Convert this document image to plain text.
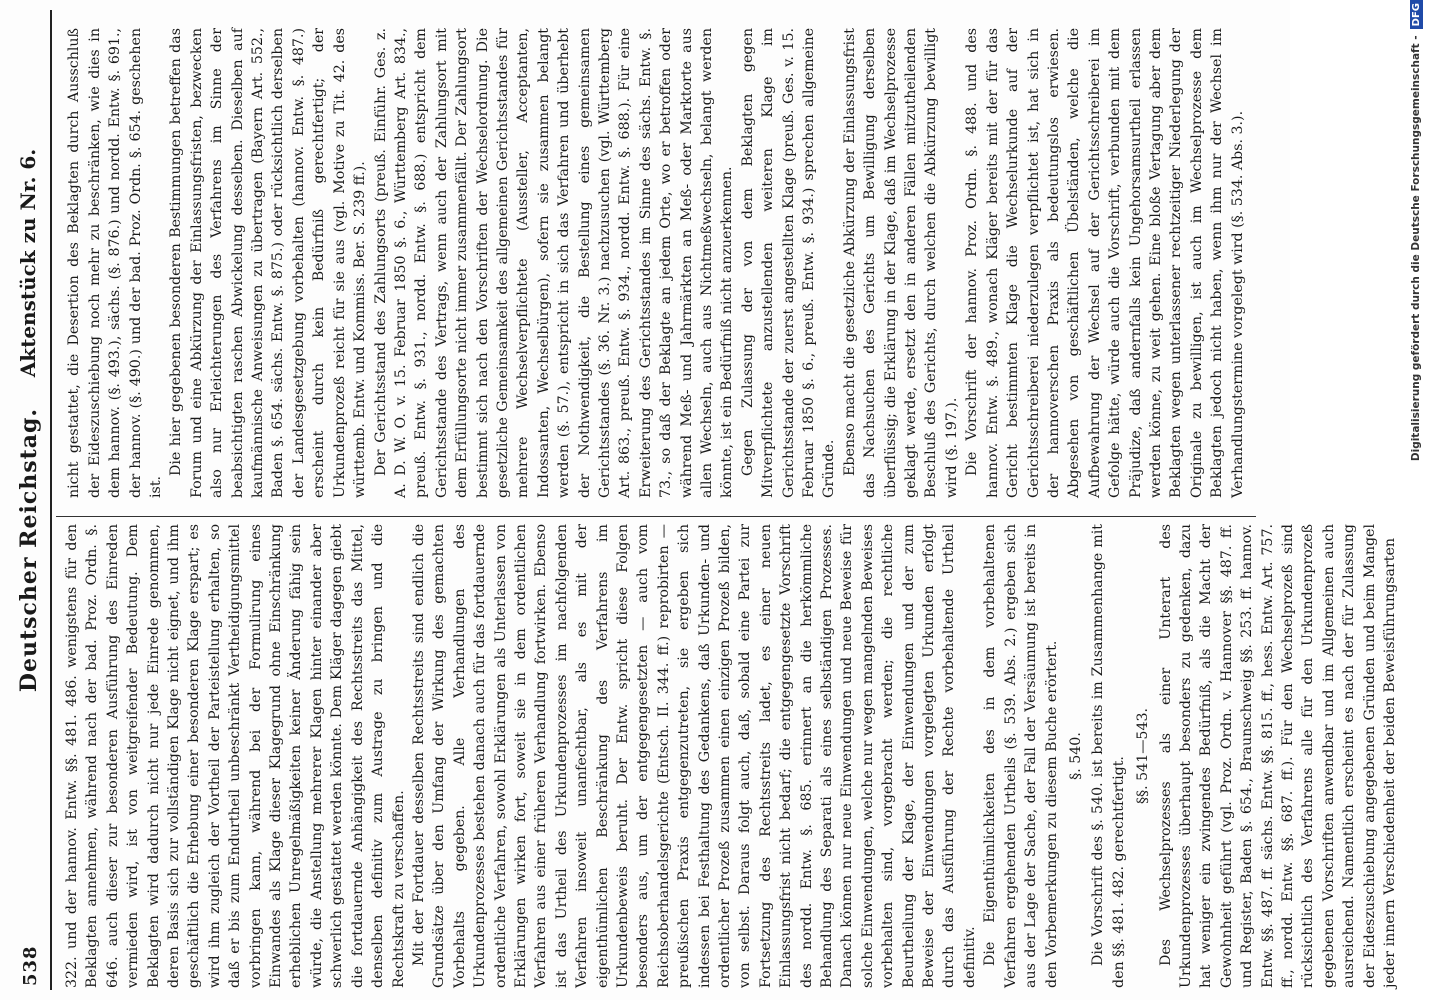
538
Deutscher Reichstag. 322. und der hannov. Entw. §§. 481. 486. wenigstens für den Beklagten annehmen, während nach der bad. Proz. Ordn. §. 646. auch dieser zur besonderen Ausführung des Einreden vermieden wird, ist von weitgreifender Bedeutung. Dem Beklagten wird dadurch nicht nur jede Einrede genommen, deren Basis sich zur vollständigen Klage nicht eignet, und ihm geschäftlich die Erhebung einer besonderen Klage erspart; es wird ihm zugleich der Vortheil der Parteistellung erhalten, so daß er bis zum Endurtheil unbeschränkt Vertheidigungsmittel vorbringen kann, während bei der Formulirung eines Einwandes als Klage dieser Klagegrund ohne Einschränkung erheblichen Unregelmäßigkeiten keiner Änderung fähig sein würde, die Anstellung mehrerer Klagen hinter einander aber schwerlich gestattet werden könnte. Dem Kläger dagegen giebt die fortdauernde Anhängigkeit des Rechtsstreits das Mittel, denselben definitiv zum Austrage zu bringen und die Rechtskraft zu verschaffen. Mit der Fortdauer desselben Rechtsstreits sind endlich die Grundsätze über den Umfang der Wirkung des gemachten Vorbehalts gegeben. Alle Verhandlungen des Urkundenprozesses bestehen danach auch für das fortdauernde ordentliche Verfahren, sowohl Erklärungen als Unterlassen von Erklärungen wirken fort, soweit sie in dem ordentlichen Verfahren aus einer früheren Verhandlung fortwirken. Ebenso ist das Urtheil des Urkundenprozesses im nachfolgenden Verfahren insoweit unanfechtbar, als es mit der eigenthümlichen Beschränkung des Verfahrens im Urkundenbeweis beruht. Der Entw. spricht diese Folgen besonders aus, um der entgegengesetzten — auch vom Reichsoberhandelsgerichte (Entsch. II. 344. ff.) reprobirten — preußischen Praxis entgegenzutreten, sie ergeben sich indessen bei Festhaltung des Gedankens, daß Urkunden- und ordentlicher Prozeß zusammen einen einzigen Prozeß bilden, von selbst. Daraus folgt auch, daß, sobald eine Partei zur Fortsetzung des Rechtsstreits ladet, es einer neuen Einlassungsfrist nicht bedarf; die entgegengesetzte Vorschrift des nordd. Entw. §. 685. erinnert an die herkömmliche Behandlung des Separati als eines selbständigen Prozesses. Danach können nur neue Einwendungen und neue Beweise für solche Einwendungen, welche nur wegen mangelnden Beweises vorbehalten sind, vorgebracht werden; die rechtliche Beurtheilung der Klage, der Einwendungen und der zum Beweise der Einwendungen vorgelegten Urkunden erfolgt durch das Ausführung der Rechte vorbehaltende Urtheil definitiv. Die Eigenthümlichkeiten des in dem vorbehaltenen Verfahren ergehenden Urtheils (§. 539. Abs. 2.) ergeben sich aus der Lage der Sache, der Fall der Versäumung ist bereits in den Vorbemerkungen zu diesem Buche erörtert. §. 540. Die Vorschrift des §. 540. ist bereits im Zusammenhange mit den §§. 481. 482. gerechtfertigt.

§§. 541—543. Des Wechselprozesses als einer Unterart des Urkundenprozesses überhaupt besonders zu gedenken, dazu hat weniger ein zwingendes Bedürfniß, als die Macht der Gewohnheit geführt (vgl. Proz. Ordn. v. Hannover §§. 487. ff. und Register, Baden §. 654., Braunschweig §§. 253. ff. hannov. Entw. §§. 487. ff. sächs. Entw. §§. 815. ff., hess. Entw. Art. 757. ff., nordd. Entw. §§. 687. ff.). Für den Wechselprozeß sind rücksichtlich des Verfahrens alle für den Urkundenprozeß gegebenen Vorschriften anwendbar und im Allgemeinen auch ausreichend. Namentlich erscheint es nach der für Zulassung der Eideszuschiebung angegebenen Gründen und beim Mangel jeder innern Verschiedenheit der beiden Beweisführungsarten

Aktenstück zu Nr. 6. nicht gestattet, die Desertion des Beklagten durch Ausschluß der Eideszuschiebung noch mehr zu beschränken, wie dies in dem hannov. (§. 493.), sächs. (§. 876.) und nordd. Entw. §. 691., der hannov. (§. 490.) und der bad. Proz. Ordn. §. 654. geschehen ist.

Die hier gegebenen besonderen Bestimmungen betreffen das Forum und eine Abkürzung der Einlassungsfristen, bezwecken also nur Erleichterungen des Verfahrens im Sinne der beabsichtigten raschen Abwickelung desselben. Dieselben auf kaufmännische Anweisungen zu übertragen (Bayern Art. 552., Baden §. 654. sächs. Entw. §. 875.) oder rücksichtlich derselben der Landesgesetzgebung vorbehalten (hannov. Entw. §. 487.) erscheint durch kein Bedürfniß gerechtfertigt; der Urkundenprozeß reicht für sie aus (vgl. Motive zu Tit. 42. des württemb. Entw. und Kommiss. Ber. S. 239 ff.). Der Gerichtsstand des Zahlungsorts (preuß. Einführ. Ges. z. A. D. W. O. v. 15. Februar 1850 §. 6., Württemberg Art. 834., preuß. Entw. §. 931., nordd. Entw. §. 688.) entspricht dem Gerichtsstande des Vertrags, wenn auch der Zahlungsort mit dem Erfüllungsorte nicht immer zusammenfällt. Der Zahlungsort bestimmt sich nach den Vorschriften der Wechselordnung. Die gesetzliche Gemeinsamkeit des allgemeinen Gerichtsstandes für mehrere Wechselverpflichtete (Aussteller, Acceptanten, Indossanten, Wechselbürgen), sofern sie zusammen belangt werden (§. 57.), entspricht in sich das Verfahren und überhebt der Nothwendigkeit, die Bestellung eines gemeinsamen Gerichtsstandes (§. 36. Nr. 3.) nachzusuchen (vgl. Württemberg Art. 863., preuß. Entw. §. 934., nordd. Entw. §. 688.). Für eine Erweiterung des Gerichtsstandes im Sinne des sächs. Entw. §. 73., so daß der Beklagte an jedem Orte, wo er betroffen oder während Meß- und Jahrmärkten an Meß- oder Marktorte aus allen Wechseln, auch aus Nichtmeßwechseln, belangt werden könnte, ist ein Bedürfniß nicht anzuerkennen. Gegen Zulassung der von dem Beklagten gegen Mitverpflichtete anzustellenden weiteren Klage im Gerichtsstande der zuerst angestellten Klage (preuß. Ges. v. 15. Februar 1850 §. 6., preuß. Entw. §. 934.) sprechen allgemeine Gründe. Ebenso macht die gesetzliche Abkürzung der Einlassungsfrist das Nachsuchen des Gerichts um Bewilligung derselben überflüssig; die Erklärung in der Klage, daß im Wechselprozesse geklagt werde, ersetzt den in anderen Fällen mitzutheilenden Beschluß des Gerichts, durch welchen die Abkürzung bewilligt wird (§. 197.). Die Vorschrift der hannov. Proz. Ordn. §. 488. und des hannov. Entw. §. 489., wonach Kläger bereits mit der für das Gericht bestimmten Klage die Wechselurkunde auf der Gerichtsschreiberei niederzulegen verpflichtet ist, hat sich in der hannoverschen Praxis als bedeutungslos erwiesen. Abgesehen von geschäftlichen Übelständen, welche die Aufbewahrung der Wechsel auf der Gerichtsschreiberei im Gefolge hätte, würde auch die Vorschrift, verbunden mit dem Präjudize, daß andernfalls kein Ungehorsamsurtheil erlassen werden könne, zu weit gehen. Eine bloße Vertagung aber dem Beklagten wegen unterlassener rechtzeitiger Niederlegung der Originale zu bewilligen, ist auch im Wechselprozesse dem Beklagten jedoch nicht haben, wenn ihm nur der Wechsel im Verhandlungstermine vorgelegt wird (§. 534. Abs. 3.).	Digitalisierung gefördert durch die Deutsche Forschungsgemeinschaft -DFG
